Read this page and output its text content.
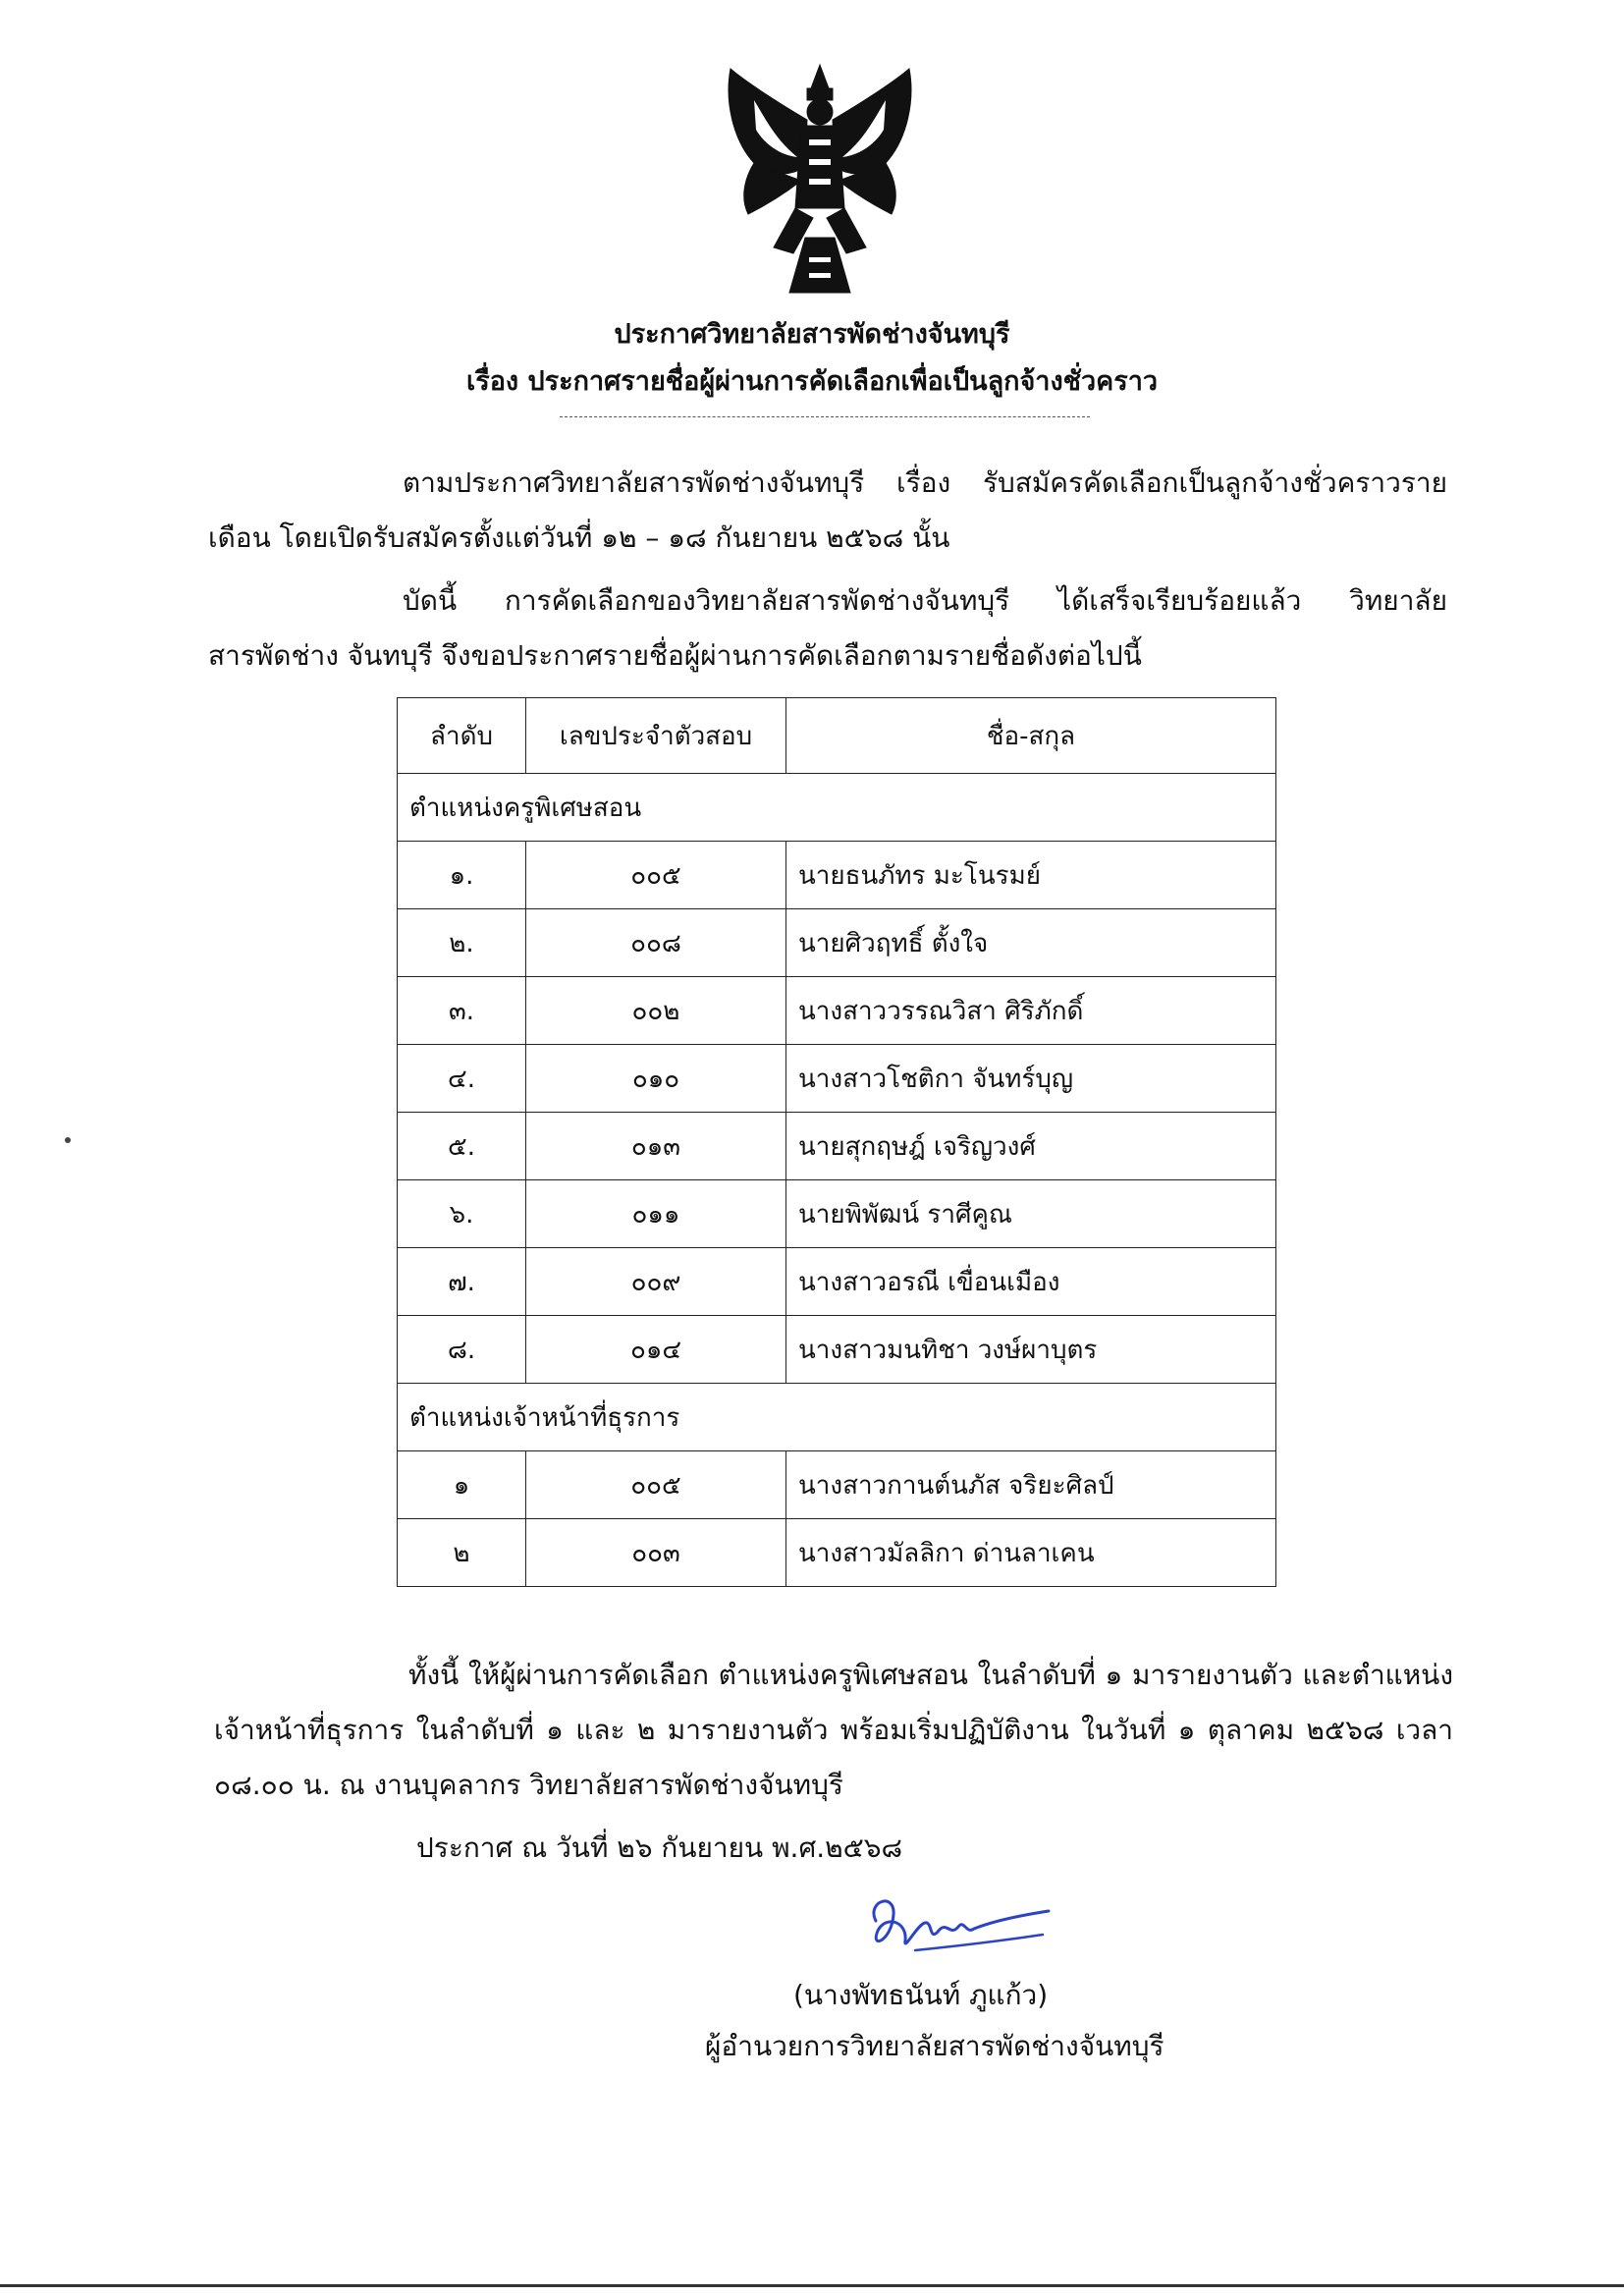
ประกาศวิทยาลัยสารพัดช่างจันทบุรี
เรื่อง ประกาศรายชื่อผู้ผ่านการคัดเลือกเพื่อเป็นลูกจ้างชั่วคราว
ตามประกาศวิทยาลัยสารพัดช่างจันทบุรี เรื่อง รับสมัครคัดเลือกเป็นลูกจ้างชั่วคราวรายเดือน โดยเปิดรับสมัครตั้งแต่วันที่ ๑๒ – ๑๘ กันยายน ๒๕๖๘ นั้น
บัดนี้ การคัดเลือกของวิทยาลัยสารพัดช่างจันทบุรี ได้เสร็จเรียบร้อยแล้ว วิทยาลัยสารพัดช่าง จันทบุรี จึงขอประกาศรายชื่อผู้ผ่านการคัดเลือกตามรายชื่อดังต่อไปนี้
ลำดับ	เลขประจำตัวสอบ	ชื่อ-สกุล
ตำแหน่งครูพิเศษสอน		
๑.	๐๐๕	นายธนภัทร มะโนรมย์
๒.	๐๐๘	นายศิวฤทธิ์ ตั้งใจ
๓.	๐๐๒	นางสาววรรณวิสา ศิริภักดิ์
๔.	๐๑๐	นางสาวโชติกา จันทร์บุญ
๕.	๐๑๓	นายสุกฤษฎ์ เจริญวงศ์
๖.	๐๑๑	นายพิพัฒน์ ราศีคูณ
๗.	๐๐๙	นางสาวอรณี เขื่อนเมือง
๘.	๐๑๔	นางสาวมนทิชา วงษ์ผาบุตร
ตำแหน่งเจ้าหน้าที่ธุรการ		
๑	๐๐๕	นางสาวกานต์นภัส จริยะศิลป์
๒	๐๐๓	นางสาวมัลลิกา ด่านลาเคน
ทั้งนี้ ให้ผู้ผ่านการคัดเลือก ตำแหน่งครูพิเศษสอน ในลำดับที่ ๑ มารายงานตัว และตำแหน่ง เจ้าหน้าที่ธุรการ ในลำดับที่ ๑ และ ๒ มารายงานตัว พร้อมเริ่มปฏิบัติงาน ในวันที่ ๑ ตุลาคม ๒๕๖๘ เวลา ๐๘.๐๐ น. ณ งานบุคลากร วิทยาลัยสารพัดช่างจันทบุรี
ประกาศ ณ วันที่ ๒๖ กันยายน พ.ศ.๒๕๖๘
(นางพัทธนันท์ ภูแก้ว)
ผู้อำนวยการวิทยาลัยสารพัดช่างจันทบุรี
